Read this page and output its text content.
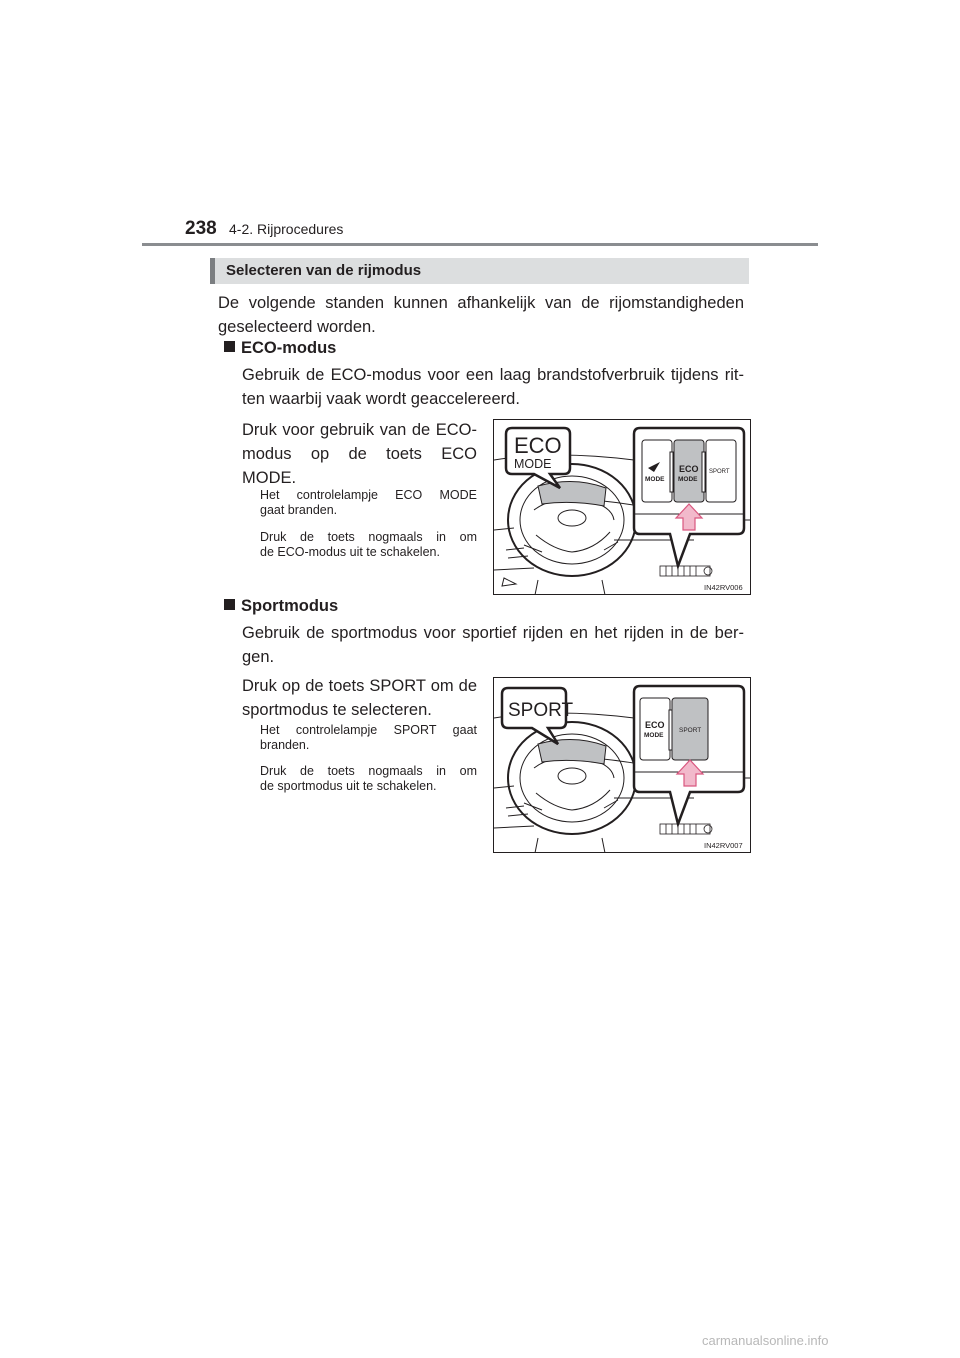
238 4-2. Rijprocedures
Selecteren van de rijmodus
De volgende standen kunnen afhankelijk van de rijomstandigheden
geselecteerd worden.
ECO-modus
Gebruik de ECO-modus voor een laag brandstofverbruik tijdens rit-
ten waarbij vaak wordt geaccelereerd.
Druk voor gebruik van de ECO-
modus op de toets ECO
MODE.
Het controlelampje ECO MODE
gaat branden.
Druk de toets nogmaals in om
de ECO-modus uit te schakelen.
ECO
MODE
MODE
ECO
MODE
SPORT
IN42RV006
Sportmodus
Gebruik de sportmodus voor sportief rijden en het rijden in de ber-
gen.
Druk op de toets SPORT om de
sportmodus te selecteren.
Het controlelampje SPORT gaat
branden.
Druk de toets nogmaals in om
de sportmodus uit te schakelen.
SPORT
ECO
MODE
SPORT
IN42RV007
carmanualsonline.info
